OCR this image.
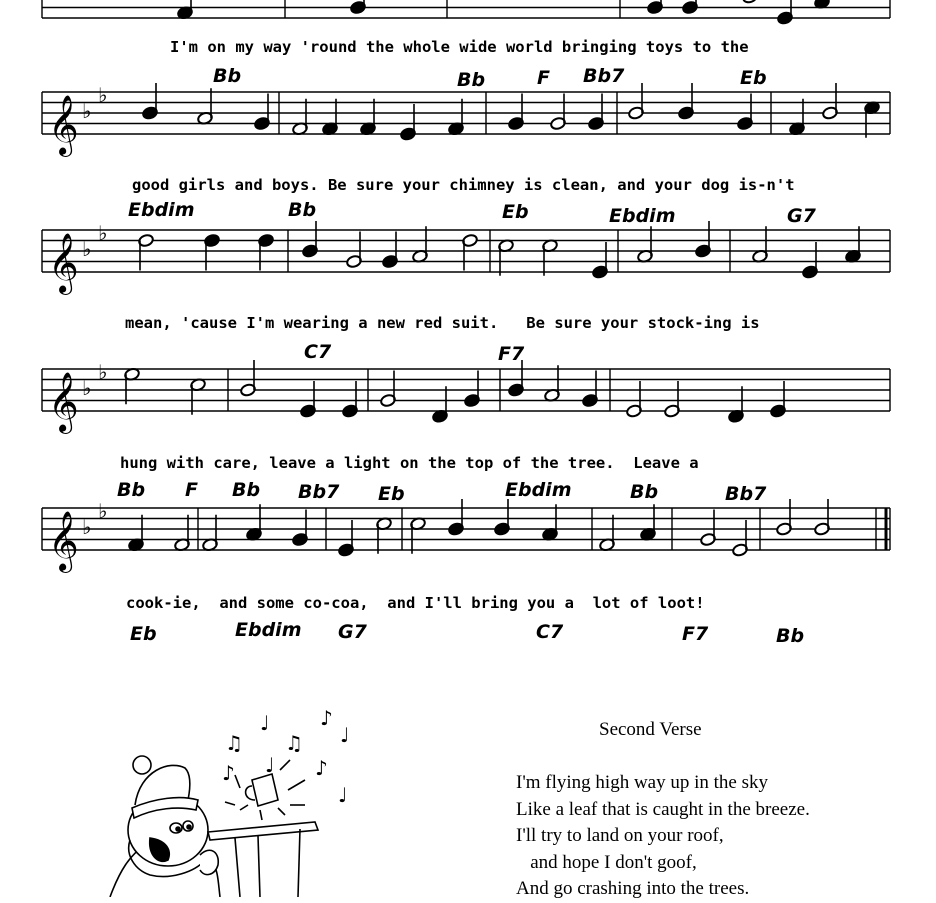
𝄞 ♭
♭
𝄞 ♭
♭
𝄞 ♭
♭
𝄞 ♭
♭
I'm on my way 'round the whole wide world bringing toys to the
Bb	Bb	F Bb7	Eb
good girls and boys. Be sure your chimney is clean, and your dog is-n't
Ebdim	Bb	Eb	Ebdim	G7
mean, 'cause I'm wearing a new red suit.   Be sure your stock-ing is
C7	F7
hung with care, leave a light on the top of the tree.  Leave a
Bb F Bb Bb7 Eb	Ebdim	Bb	Bb7
cook-ie,  and some co-coa,  and I'll bring you a  lot of loot!
Eb	Ebdim G7	C7	F7	Bb
♫
♪ ♩
♫
♪
♩
♪
♩
♩	Second Verse
I'm flying high way up in the sky
Like a leaf that is caught in the breeze.
I'll try to land on your roof,
and hope I don't goof,
And go crashing into the trees.
